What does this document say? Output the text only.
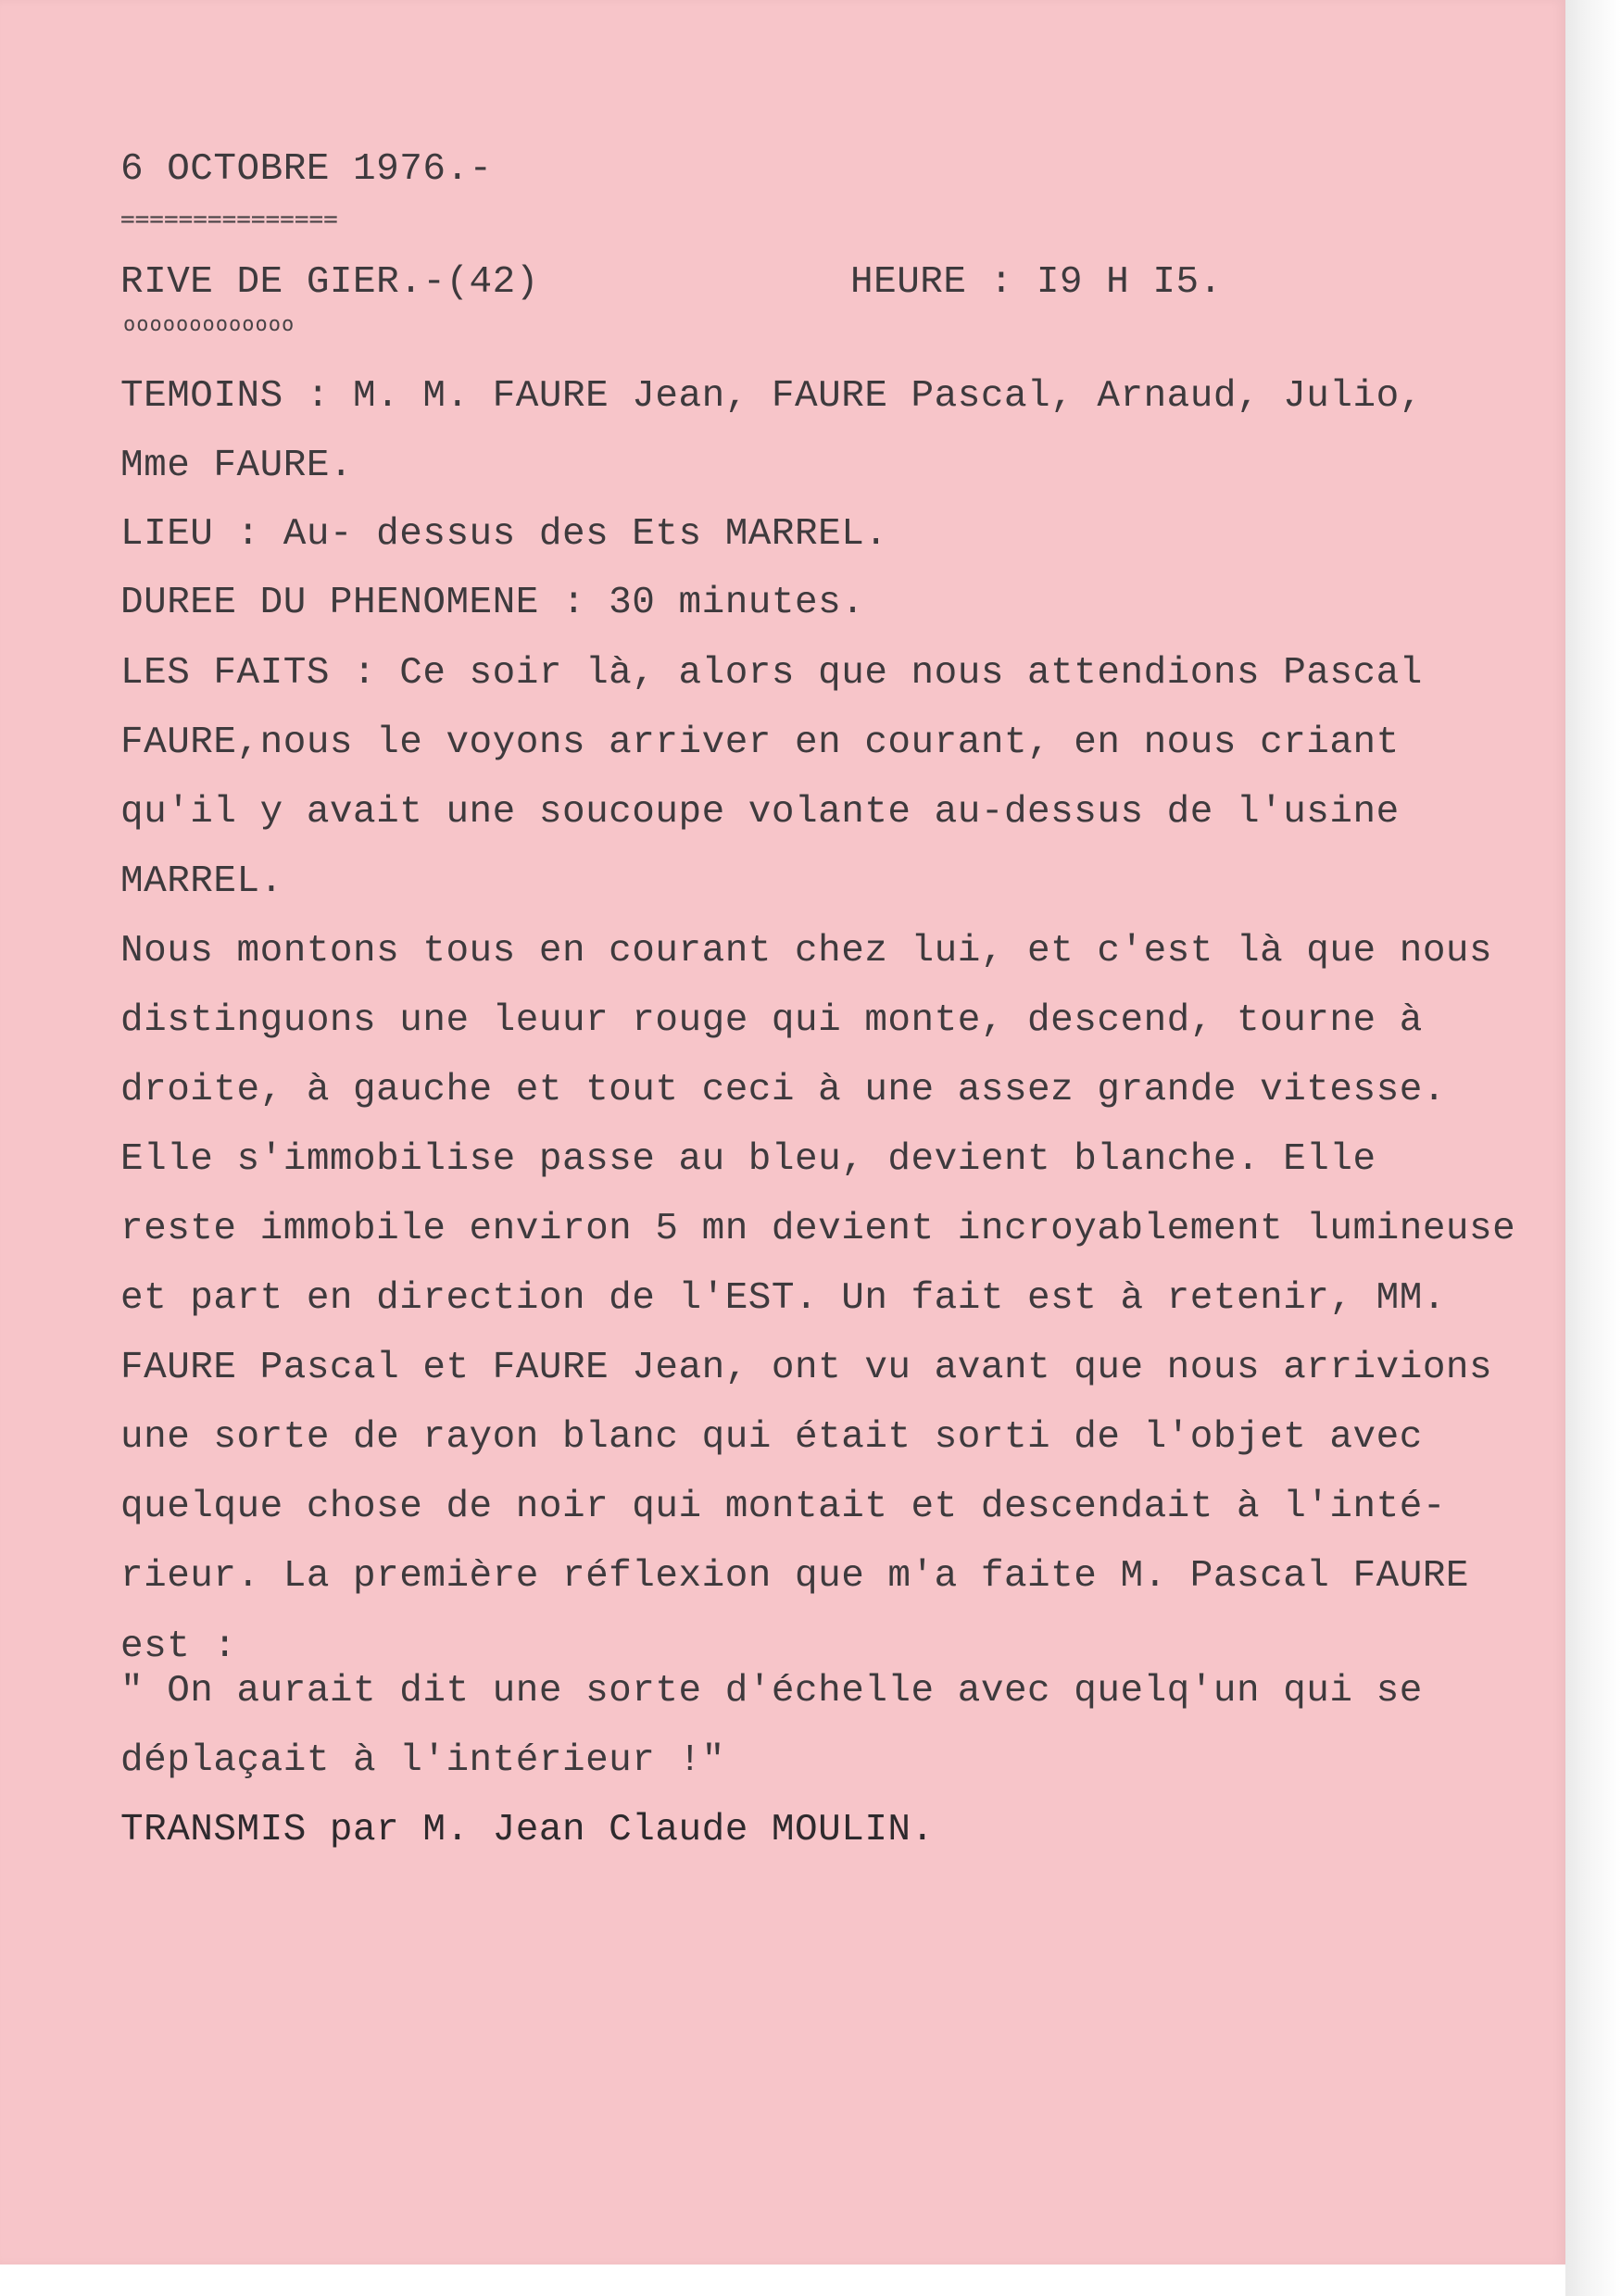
6 OCTOBRE 1976.-
===============
RIVE DE GIER.-(42)	HEURE : I9 H I5.
ooooooooooooo
TEMOINS : M. M. FAURE Jean, FAURE Pascal, Arnaud, Julio,
Mme FAURE.
LIEU : Au- dessus des Ets MARREL.
DUREE DU PHENOMENE : 30 minutes.
LES FAITS : Ce soir là, alors que nous attendions Pascal
FAURE,nous le voyons arriver en courant, en nous criant
qu'il y avait une soucoupe volante au-dessus de l'usine
MARREL.
Nous montons tous en courant chez lui, et c'est là que nous
distinguons une leuur rouge qui monte, descend, tourne à
droite, à gauche et tout ceci à une assez grande vitesse.
Elle s'immobilise passe au bleu, devient blanche. Elle
reste immobile environ 5 mn devient incroyablement lumineuse
et part en direction de l'EST. Un fait est à retenir, MM.
FAURE Pascal et FAURE Jean, ont vu avant que nous arrivions
une sorte de rayon blanc qui était sorti de l'objet avec
quelque chose de noir qui montait et descendait à l'inté-
rieur. La première réflexion que m'a faite M. Pascal FAURE
est :
" On aurait dit une sorte d'échelle avec quelq'un qui se
déplaçait à l'intérieur !"
TRANSMIS par M. Jean Claude MOULIN.
